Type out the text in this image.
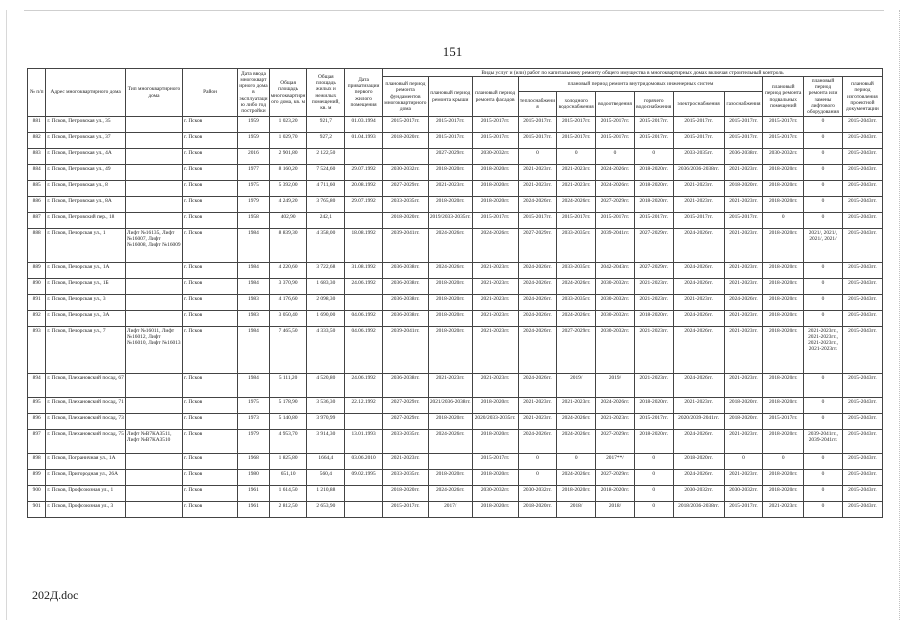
151
№ п/п	Адрес многоквартирного дома	Тип многоквартирного дома	Район	Дата ввода многоквартирного дома в эксплуатацию либо год постройки	Общая площадь многоквартирного дома, кв. м	Общая площадь жилых и нежилых помещений, кв. м	Дата приватизации первого жилого помещения	Виды услуг и (или) работ по капитальному ремонту общего имущества в многоквартирных домах включая строительный контроль											
								плановый период ремонта фундаментов многоквартирного дома	плановый период ремонта крыши	плановый период ремонта фасадов	плановый период ремонта внутридомовых инженерных систем						плановый период ремонта подвальных помещений	плановый период ремонта или замены лифтового оборудования	плановый период изготовления проектной документации
											теплоснабжения	холодного водоснабжения	водоотведения	горячего водоснабжения	электроснабжения	газоснабжения			
881	г. Псков, Петровская ул., 35		г. Псков	1959	1 023,20	921,7	01.03.1994	2015-2017гг.	2015-2017гг.	2015-2017гг.	2015-2017гг.	2015-2017гг.	2015-2017гг.	2015-2017гг.	2015-2017гг.	2015-2017гг.	2015-2017гг.	0	2015-2043гг.
882	г. Псков, Петровская ул., 37		г. Псков	1959	1 029,70	927,2	01.04.1993	2018-2020гг.	2015-2017гг.	2015-2017гг.	2015-2017гг.	2015-2017гг.	2015-2017гг.	2015-2017гг.	2015-2017гг.	2015-2017гг.	2015-2017гг.	0	2015-2043гг.
883	г. Псков, Петровская ул., 4А		г. Псков	2016	2 901,80	2 122,50			2027-2029гг.	2030-2032гг.	0	0	0	0	2033-2035гг.	2036-2038гг.	2030-2032гг.	0	2015-2043гг.
884	г. Псков, Петровская ул., 49		г. Псков	1977	8 160,20	7 524,60	29.07.1992	2030-2032гг.	2018-2020гг.	2018-2020гг.	2021-2023гг.	2021-2023гг.	2024-2026гг.	2018-2020гг.	2036/2036-2038гг.	2021-2023гг.	2018-2020гг.	0	2015-2043гг.
885	г. Псков, Петровская ул., 8		г. Псков	1975	5 392,00	4 711,60	20.08.1992	2027-2029гг.	2021-2023гг.	2018-2020гг.	2021-2023гг.	2021-2023гг.	2024-2026гг.	2018-2020гг.	2021-2023гг.	2018-2020гг.	2018-2020гг.	0	2015-2043гг.
886	г. Псков, Петровская ул., 8А		г. Псков	1979	4 249,20	3 765,80	29.07.1992	2033-2035гг.	2018-2020гг.	2018-2020гг.	2024-2026гг.	2024-2026гг.	2027-2029гг.	2018-2020гг.	2021-2023гг.	2021-2023гг.	2018-2020гг.	0	2015-2043гг.
887	г. Псков, Петровский пер., 18		г. Псков	1958	402,90	242,1		2018-2020гг.	2019/2033-2035гг.	2015-2017гг.	2015-2017гг.	2015-2017гг.	2015-2017гг.	2015-2017гг.	2015-2017гг.	2015-2017гг.	0	0	2015-2043гг.
888	г. Псков, Печорская ул., 1	Лифт №16135, Лифт №16007, Лифт №16008, Лифт №16009	г. Псков	1984	8 839,30	4 358,00	18.08.1992	2039-2041гг.	2024-2026гг.	2024-2026гг.	2027-2029гг.	2033-2035гг.	2039-2041гг.	2027-2029гг.	2024-2026гг.	2021-2023гг.	2018-2020гг.	2021/, 2021/, 2021/, 2021/	2015-2043гг.
889	г. Псков, Печорская ул., 1А		г. Псков	1984	4 220,60	3 722,68	31.08.1992	2036-2038гг.	2024-2026гг.	2021-2023гг.	2024-2026гг.	2033-2035гг.	2042-2043гг.	2027-2029гг.	2024-2026гг.	2021-2023гг.	2018-2020гг.	0	2015-2043гг.
890	г. Псков, Печорская ул., 1Б		г. Псков	1984	3 370,90	1 683,30	24.06.1992	2036-2038гг.	2018-2020гг.	2021-2023гг.	2024-2026гг.	2024-2026гг.	2030-2032гг.	2021-2023гг.	2024-2026гг.	2021-2023гг.	2018-2020гг.	0	2015-2043гг.
891	г. Псков, Печорская ул., 3		г. Псков	1983	4 176,60	2 098,30		2036-2038гг.	2018-2020гг.	2021-2023гг.	2024-2026гг.	2033-2035гг.	2030-2032гг.	2021-2023гг.	2021-2023гг.	2024-2026гг.	2018-2020гг.	0	2015-2043гг.
892	г. Псков, Печорская ул., 3А		г. Псков	1983	3 050,40	1 690,00	04.06.1992	2036-2038гг.	2018-2020гг.	2021-2023гг.	2024-2026гг.	2024-2026гг.	2030-2032гг.	2018-2020гг.	2024-2026гг.	2021-2023гг.	2018-2020гг.	0	2015-2043гг.
893	г. Псков, Печорская ул., 7	Лифт №16011, Лифт №16012, Лифт №16010, Лифт №16013	г. Псков	1984	7 465,50	4 333,50	04.06.1992	2039-2041гг.	2018-2020гг.	2021-2023гг.	2024-2026гг.	2027-2029гг.	2030-2032гг.	2021-2023гг.	2024-2026гг.	2021-2023гг.	2018-2020гг.	2021-2023гг., 2021-2023гг., 2021-2023гг., 2021-2023гг.	2015-2043гг.
894	г. Псков, Плехановский посад, 67		г. Псков	1984	5 111,20	4 520,80	24.06.1992	2036-2038гг.	2021-2023гг.	2021-2023гг.	2024-2026гг.	2019/	2019/	2021-2023гг.	2024-2026гг.	2021-2023гг.	2018-2020гг.	0	2015-2043гг.
895	г. Псков, Плехановский посад, 71		г. Псков	1975	5 178,90	3 536,30	22.12.1992	2027-2029гг.	2021/2036-2038гг.	2018-2020гг.	2021-2023гг.	2021-2023гг.	2024-2026гг.	2018-2020гг.	2021-2023гг.	2018-2020гг.	2018-2020гг.	0	2015-2043гг.
896	г. Псков, Плехановский посад, 73		г. Псков	1973	5 140,80	3 970,99		2027-2029гг.	2018-2020гг.	2020/2033-2035гг.	2021-2023гг.	2024-2026гг.	2021-2023гг.	2015-2017гг.	2020/2039-2041гг.	2018-2020гг.	2015-2017гг.	0	2015-2043гг.
897	г. Псков, Плехановский посад, 75	Лифт №В7КА3511, Лифт №В7КА3510	г. Псков	1979	4 953,70	3 914,30	13.01.1993	2033-2035гг.	2024-2026гг.	2018-2020гг.	2024-2026гг.	2024-2026гг.	2027-2029гг.	2018-2020гг.	2024-2026гг.	2021-2023гг.	2018-2020гг.	2039-2041гг., 2039-2041гг.	2015-2043гг.
898	г. Псков, Пограничная ул., 1А		г. Псков	1968	1 825,80	1664,4	03.06.2010	2021-2023гг.		2015-2017гг.	0	0	2017**/	0	2018-2020гг.	0	0	0	2015-2043гг.
899	г. Псков, Пригородная ул., 26А		г. Псков	1980	651,10	560,4	09.02.1995	2033-2035гг.	2018-2020гг.	2018-2020гг.	0	2024-2026гг.	2027-2029гг.	0	2024-2026гг.	2021-2023гг.	2018-2020гг.	0	2015-2043гг.
900	г. Псков, Профсоюзная ул., 1		г. Псков	1961	1 614,50	1 210,88		2018-2020гг.	2024-2026гг.	2030-2032гг.	2030-2032гг.	2018-2020гг.	2018-2020гг.	0	2030-2032гг.	2030-2032гг.	2018-2020гг.	0	2015-2043гг.
901	г. Псков, Профсоюзная ул., 3		г. Псков	1961	2 812,50	2 653,90		2015-2017гг.	2017/	2018-2020гг.	2018-2020гг.	2018/	2018/	0	2018/2036-2038гг.	2015-2017гг.	2021-2023гг.	0	2015-2043гг.
202Д.doc
